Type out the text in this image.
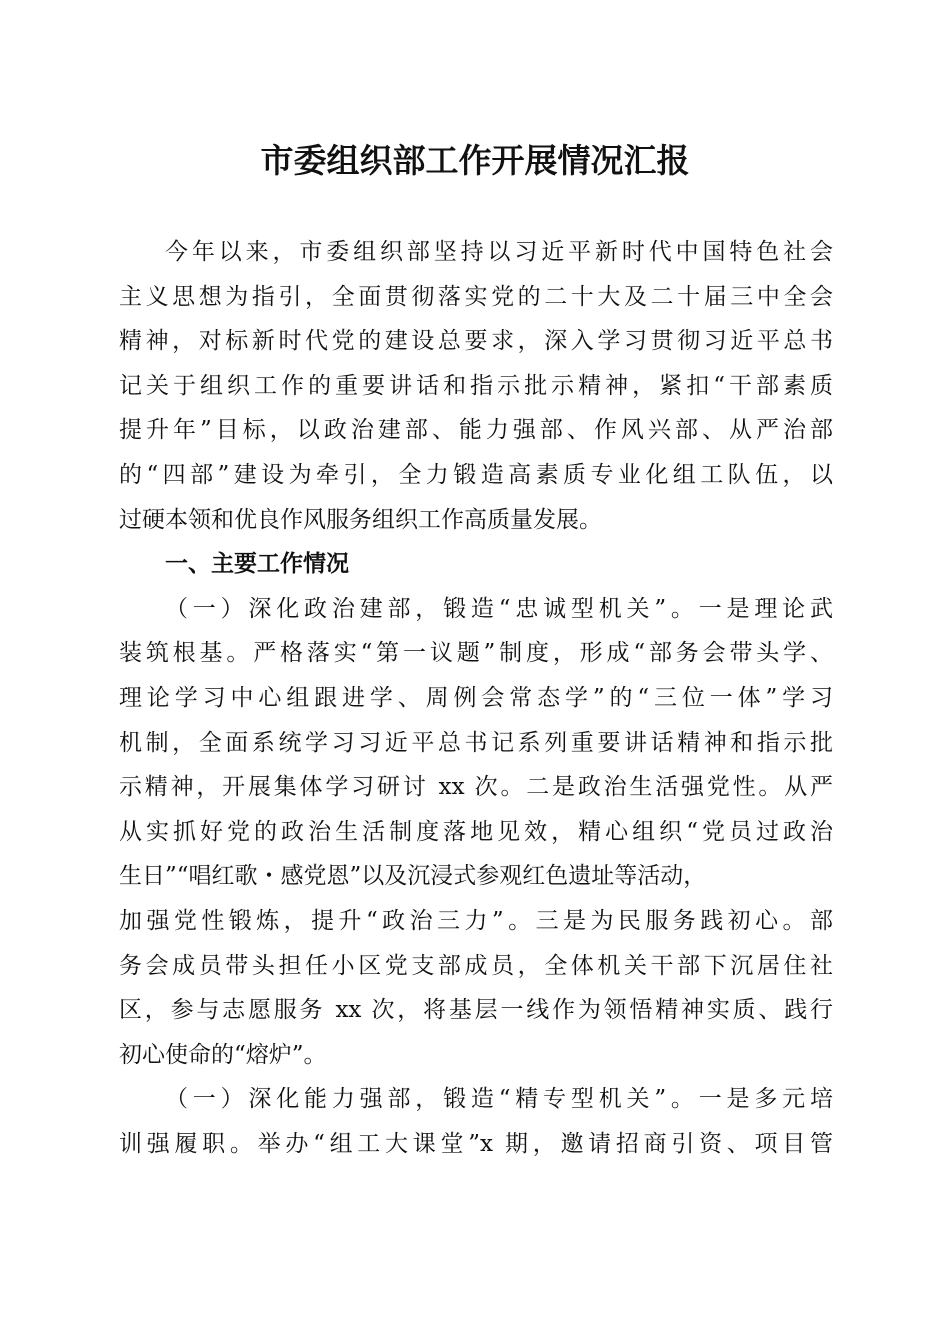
市委组织部工作开展情况汇报
今年以来，市委组织部坚持以习近平新时代中国特色社会
主义思想为指引，全面贯彻落实党的二十大及二十届三中全会
精神，对标新时代党的建设总要求，深入学习贯彻习近平总书
记关于组织工作的重要讲话和指示批示精神，紧扣“干部素质
提升年”目标，以政治建部、能力强部、作风兴部、从严治部
的“四部”建设为牵引，全力锻造高素质专业化组工队伍，以
过硬本领和优良作风服务组织工作高质量发展。
一、主要工作情况
（一）深化政治建部，锻造“忠诚型机关”。一是理论武
装筑根基。严格落实“第一议题”制度，形成“部务会带头学、
理论学习中心组跟进学、周例会常态学”的“三位一体”学习
机制，全面系统学习习近平总书记系列重要讲话精神和指示批
示精神，开展集体学习研讨 xx 次。二是政治生活强党性。从严
从实抓好党的政治生活制度落地见效，精心组织“党员过政治
生日”“唱红歌・感党恩”以及沉浸式参观红色遗址等活动，
加强党性锻炼，提升“政治三力”。三是为民服务践初心。部
务会成员带头担任小区党支部成员，全体机关干部下沉居住社
区，参与志愿服务 xx 次，将基层一线作为领悟精神实质、践行
初心使命的“熔炉”。
（一）深化能力强部，锻造“精专型机关”。一是多元培
训强履职。举办“组工大课堂”x 期，邀请招商引资、项目管
